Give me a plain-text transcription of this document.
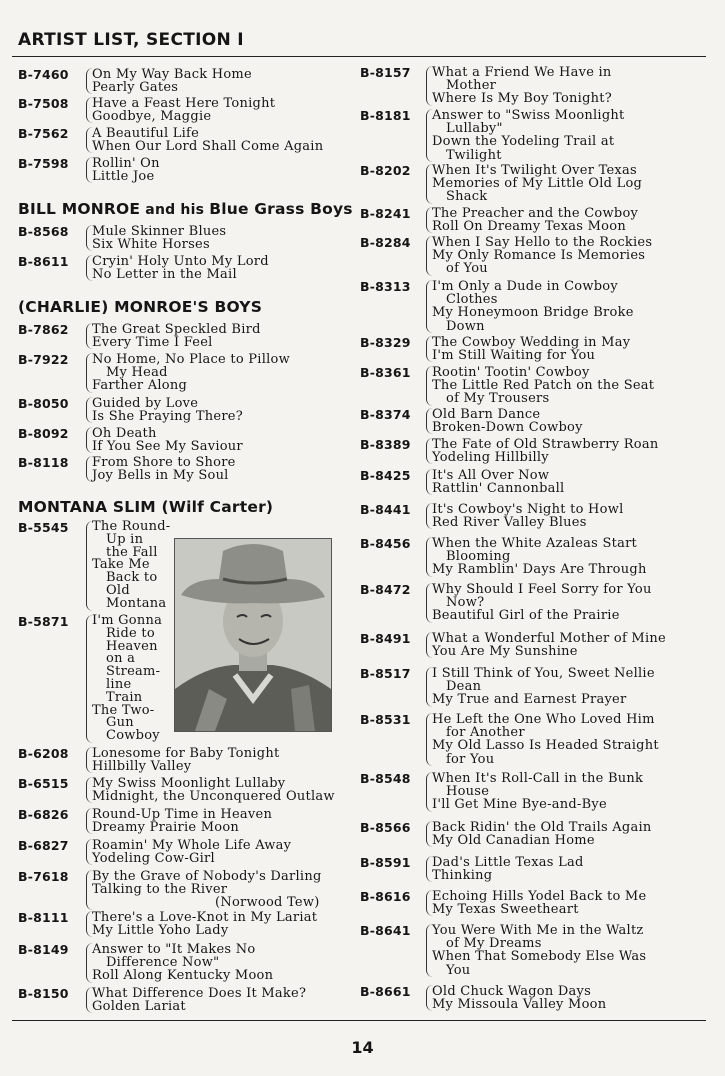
ARTIST LIST, SECTION I
BILL MONROE and his Blue Grass Boys
(CHARLIE) MONROE'S BOYS
MONTANA SLIM (Wilf Carter)
B-7460	On My Way Back Home
Pearly Gates
B-7508	Have a Feast Here Tonight
Goodbye, Maggie
B-7562	A Beautiful Life
When Our Lord Shall Come Again
B-7598	Rollin' On
Little Joe
B-8568	Mule Skinner Blues
Six White Horses
B-8611	Cryin' Holy Unto My Lord
No Letter in the Mail
B-7862	The Great Speckled Bird
Every Time I Feel
B-7922	No Home, No Place to Pillow
My Head
Farther Along
B-8050	Guided by Love
Is She Praying There?
B-8092	Oh Death
If You See My Saviour
B-8118	From Shore to Shore
Joy Bells in My Soul
B-5545	The Round-
Up in
the Fall
Take Me
Back to
Old
Montana
B-5871	I'm Gonna
Ride to
Heaven
on a
Stream-
line
Train
The Two-
Gun
Cowboy
B-6208	Lonesome for Baby Tonight
Hillbilly Valley
B-6515	My Swiss Moonlight Lullaby
Midnight, the Unconquered Outlaw
B-6826	Round-Up Time in Heaven
Dreamy Prairie Moon
B-6827	Roamin' My Whole Life Away
Yodeling Cow-Girl
B-7618	By the Grave of Nobody's Darling
Talking to the River
(Norwood Tew)
B-8111	There's a Love-Knot in My Lariat
My Little Yoho Lady
B-8149	Answer to "It Makes No
Difference Now"
Roll Along Kentucky Moon
B-8150	What Difference Does It Make?
Golden Lariat
B-8157	What a Friend We Have in
Mother
Where Is My Boy Tonight?
B-8181	Answer to "Swiss Moonlight
Lullaby"
Down the Yodeling Trail at
Twilight
B-8202	When It's Twilight Over Texas
Memories of My Little Old Log
Shack
B-8241	The Preacher and the Cowboy
Roll On Dreamy Texas Moon
B-8284	When I Say Hello to the Rockies
My Only Romance Is Memories
of You
B-8313	I'm Only a Dude in Cowboy
Clothes
My Honeymoon Bridge Broke
Down
B-8329	The Cowboy Wedding in May
I'm Still Waiting for You
B-8361	Rootin' Tootin' Cowboy
The Little Red Patch on the Seat
of My Trousers
B-8374	Old Barn Dance
Broken-Down Cowboy
B-8389	The Fate of Old Strawberry Roan
Yodeling Hillbilly
B-8425	It's All Over Now
Rattlin' Cannonball
B-8441	It's Cowboy's Night to Howl
Red River Valley Blues
B-8456	When the White Azaleas Start
Blooming
My Ramblin' Days Are Through
B-8472	Why Should I Feel Sorry for You
Now?
Beautiful Girl of the Prairie
B-8491	What a Wonderful Mother of Mine
You Are My Sunshine
B-8517	I Still Think of You, Sweet Nellie
Dean
My True and Earnest Prayer
B-8531	He Left the One Who Loved Him
for Another
My Old Lasso Is Headed Straight
for You
B-8548	When It's Roll-Call in the Bunk
House
I'll Get Mine Bye-and-Bye
B-8566	Back Ridin' the Old Trails Again
My Old Canadian Home
B-8591	Dad's Little Texas Lad
Thinking
B-8616	Echoing Hills Yodel Back to Me
My Texas Sweetheart
B-8641	You Were With Me in the Waltz
of My Dreams
When That Somebody Else Was
You
B-8661	Old Chuck Wagon Days
My Missoula Valley Moon
14
